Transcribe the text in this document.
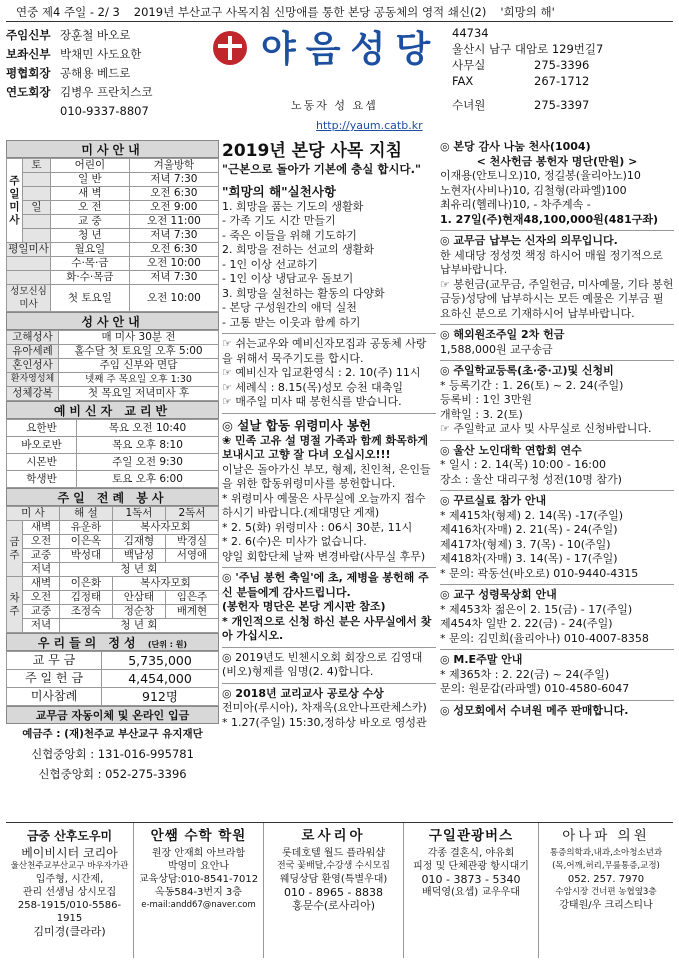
연중 제4 주일 - 2/ 3 2019년 부산교구 사목지침 신망애를 통한 본당 공동체의 영적 쇄신(2) '희망의 해'
주임신부 장훈철 바오로
보좌신부 박채민 사도요한
평협회장 공해용 베드로
연도회장 김병우 프란치스코
010-9337-8807
야음성당
노동자 성 요셉
http://yaum.catb.kr
44734
울산시 남구 대암로 129번길7
사무실	275-3396
FAX	267-1712
수녀원	275-3397
미사안내
주일미사	토	어린이	겨울방학
		일 반	저녁 7:30
		새 벽	오전 6:30
	일	오 전	오전 9:00
		교 중	오전 11:00
		청 년	저녁 7:30
평일미사		월요일	오전 6:30
		수·목·금	오전 10:00
		화·수·목금	저녁 7:30
성모신심미사		첫 토요일	오전 10:00
성사안내
고해성사	매 미사 30분 전
유아세례	홀수달 첫 토요일 오후 5:00
혼인성사	주임 신부와 면담
환자영성체	넷째 주 목요일 오후 1:30
성체강복	첫 목요일 저녁미사 후
예비신자 교리반
요한반	목요 오전 10:40
바오로반	목요 오후 8:10
시몬반	주일 오전 9:30
학생반	토요 오후 6:00
주일 전례 봉사
미 사		해 설	1독서	2독서
금 주	새벽	유운하	복사자모회	
	오전	이은옥	김재형	박경실
	교중	박성대	백남성	서영애
	저녁	청 년 회		
차 주	새벽	이은화	복사자모회	
	오전	김정태	안삼태	임은주
	교중	조정숙	정순창	배계현
	저녁	청 년 회		
우리들의 정성 (단위 : 원)
교 무 금	5,735,000
주 일 헌 금	4,454,000
미사참례	912명
교무금 자동이체 및 온라인 입금
예금주 : (재)천주교 부산교구 유지재단
신협중앙회 : 131-016-995781
신협중앙회 : 052-275-3396
2019년 본당 사목 지침

"근본으로 돌아가 기본에 충실 합시다."

"희망의 해"실천사항

1. 희망을 품는 기도의 생활화

- 가족 기도 시간 만들기

- 죽은 이들을 위해 기도하기

2. 희망을 전하는 선교의 생활화

- 1인 이상 선교하기

- 1인 이상 냉담교우 돌보기

3. 희망을 실천하는 활동의 다양화

- 본당 구성원간의 애덕 실천

- 고통 받는 이웃과 함께 하기

☞ 쉬는교우와 예비신자모집과 공동체 사랑을 위해서 묵주기도를 합시다.

☞ 예비신자 입교환영식 : 2. 10(주) 11시

☞ 세례식 : 8.15(목)성모 승천 대축일

☞ 매주일 미사 때 봉헌식를 받습니다.

◎ 설날 합동 위령미사 봉헌

❀ 민족 고유 설 명절 가족과 함께 화목하게 보내시고 고향 잘 다녀 오십시오!!!

이날은 돌아가신 부모, 형제, 친인척, 은인들을 위한 합동위령미사를 봉헌합니다.

* 위령미사 예물은 사무실에 오늘까지 접수하시기 바랍니다.(제대명단 게재)

* 2. 5(화) 위령미사 : 06시 30분, 11시

* 2. 6(수)은 미사가 없습니다.

양일 회합단체 날짜 변경바람(사무실 후무)

◎ '주님 봉헌 축일'에 초, 제병을 봉헌해 주신 분들에게 감사드립니다.

(봉헌자 명단은 본당 게시판 참조)

* 개인적으로 신청 하신 분은 사무실에서 찾아 가십시오.

◎ 2019년도 빈첸시오회 회장으로 김영대(비오)형제를 임명(2. 4)합니다.

◎ 2018년 교리교사 공로상 수상

전미아(루시아), 차재옥(요안나프란체스카)

* 1.27(주일) 15:30,정하상 바오로 영성관

◎ 본당 감사 나눔 천사(1004)

< 천사헌금 봉헌자 명단(만원) >

이재용(안토니오)10, 정길봉(율리아노)10

노현자(사비나)10, 김철형(라파엘)100

최유리(헬레나)10, - 차주계속 -

1. 27일(주)현재48,100,000원(481구좌)

◎ 교무금 납부는 신자의 의무입니다.

한 세대당 정성껏 책정 하시어 매월 정기적으로 납부바랍니다.

☞ 봉헌금(교무금, 주일헌금, 미사예물, 기타 봉헌금등)성당에 납부하시는 모든 예물은 기부금 필요하신 분으로 기재하시어 납부바랍니다.

◎ 해외원조주일 2차 헌금

1,588,000원 교구송금

◎ 주일학교등록(초·중·고)및 신청비

* 등록기간 : 1. 26(토) ~ 2. 24(주일)

등록비 : 1인 3만원

개학일 : 3. 2(토)

☞ 주일학교 교사 및 사무실로 신청바랍니다.

◎ 울산 노인대학 연합회 연수

* 일시 : 2. 14(목) 10:00 - 16:00

장소 : 울산 대리구청 성전(10명 참가)

◎ 꾸르실료 참가 안내

* 제415차(형제) 2. 14(목) -17(주일)

제416차(자매) 2. 21(목) - 24(주일)

제417차(형제) 3. 7(목) - 10(주일)

제418차(자매) 3. 14(목) - 17(주일)

* 문의: 곽동선(바오로) 010-9440-4315

◎ 교구 성령묵상회 안내

* 제453차 젊은이 2. 15(금) - 17(주일)

제454차 일반 2. 22(금) - 24(주일)

* 문의: 김민희(율리아나) 010-4007-8358

◎ M.E주말 안내

* 제365차 : 2. 22(금) ~ 24(주일)

문의: 원문갑(라파엘) 010-4580-6047

◎ 성모회에서 수녀원 메주 판매합니다.

금중 산후도우미
베이비시터 코리아
울산천주교부산교구 바우자가관
입주형, 시간제,
관리 선생님 상시모집
258-1915/010-5586-1915
김미경(클라라)
안쌤 수학 학원
원장 안재희 아브라함
박영미 요안나
교육상담:010-8541-7012
옥동584-3번지 3층
e-mail:andd67@naver.com
로사리아
롯데호텔 월드 플라워샵
전국 꽃배달,수강생 수시모집
웨딩상담 환영(특별우대)
010 - 8965 - 8838
홍문수(로사리아)
구일관광버스
각종 결혼식, 야유회
피정 및 단체관광 항시대기
010 - 3873 - 5340
배덕영(요셉) 교우우대
아나파 의원
통증의학과,내과,소아청소년과
(목,어깨,허리,무릎통증,교정)
052. 257. 7970
수암시장 건너편 농협옆3층
강태원/우 크리스티나
